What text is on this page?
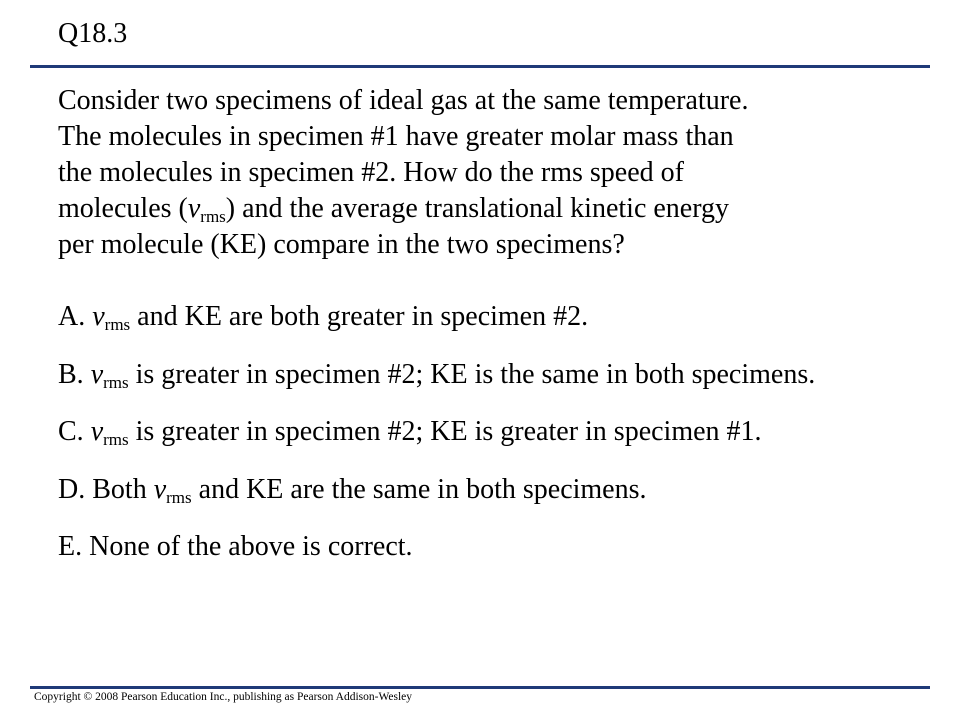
Q18.3
Consider two specimens of ideal gas at the same temperature.
The molecules in specimen #1 have greater molar mass than
the molecules in specimen #2. How do the rms speed of
molecules $(v_{rms})$ and the average translational kinetic energy
per molecule (KE) compare in the two specimens?
A. $v_{rms}$ and KE are both greater in specimen #2.
B. $v_{rms}$ is greater in specimen #2; KE is the same in both specimens.
C. $v_{rms}$ is greater in specimen #2; KE is greater in specimen #1.
D. Both $v_{rms}$ and KE are the same in both specimens.
E. None of the above is correct.
Copyright © 2008 Pearson Education Inc., publishing as Pearson Addison-Wesley
